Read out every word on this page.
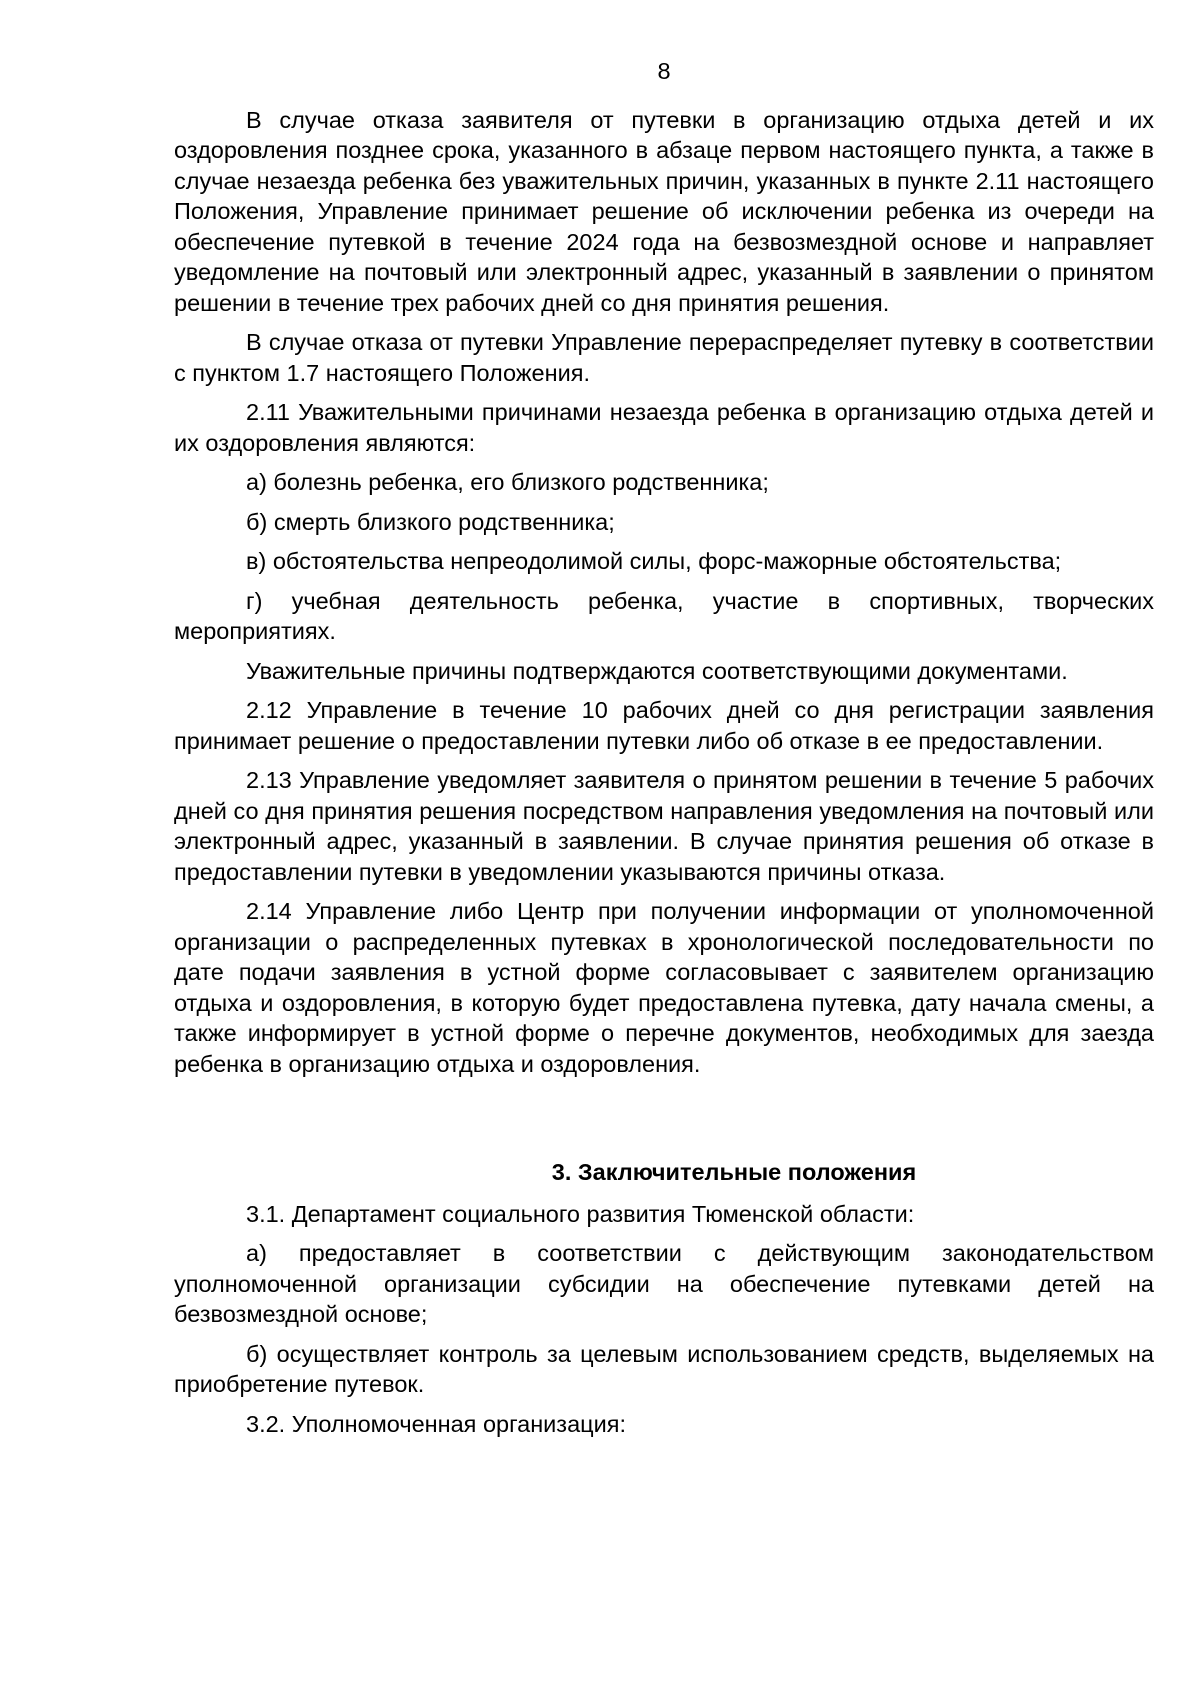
8

В случае отказа заявителя от путевки в организацию отдыха детей и их оздоровления позднее срока, указанного в абзаце первом настоящего пункта, а также в случае незаезда ребенка без уважительных причин, указанных в пункте 2.11 настоящего Положения, Управление принимает решение об исключении ребенка из очереди на обеспечение путевкой в течение 2024 года на безвозмездной основе и направляет уведомление на почтовый или электронный адрес, указанный в заявлении о принятом решении в течение трех рабочих дней со дня принятия решения.

В случае отказа от путевки Управление перераспределяет путевку в соответствии с пунктом 1.7 настоящего Положения.

2.11 Уважительными причинами незаезда ребенка в организацию отдыха детей и их оздоровления являются:

а) болезнь ребенка, его близкого родственника;

б) смерть близкого родственника;

в) обстоятельства непреодолимой силы, форс-мажорные обстоятельства;

г) учебная деятельность ребенка, участие в спортивных, творческих мероприятиях.

Уважительные причины подтверждаются соответствующими документами.

2.12 Управление в течение 10 рабочих дней со дня регистрации заявления принимает решение о предоставлении путевки либо об отказе в ее предоставлении.

2.13 Управление уведомляет заявителя о принятом решении в течение 5 рабочих дней со дня принятия решения посредством направления уведомления на почтовый или электронный адрес, указанный в заявлении. В случае принятия решения об отказе в предоставлении путевки в уведомлении указываются причины отказа.

2.14 Управление либо Центр при получении информации от уполномоченной организации о распределенных путевках в хронологической последовательности по дате подачи заявления в устной форме согласовывает с заявителем организацию отдыха и оздоровления, в которую будет предоставлена путевка, дату начала смены, а также информирует в устной форме о перечне документов, необходимых для заезда ребенка в организацию отдыха и оздоровления.

3. Заключительные положения

3.1. Департамент социального развития Тюменской области:

а) предоставляет в соответствии с действующим законодательством уполномоченной организации субсидии на обеспечение путевками детей на безвозмездной основе;

б) осуществляет контроль за целевым использованием средств, выделяемых на приобретение путевок.

3.2. Уполномоченная организация:
